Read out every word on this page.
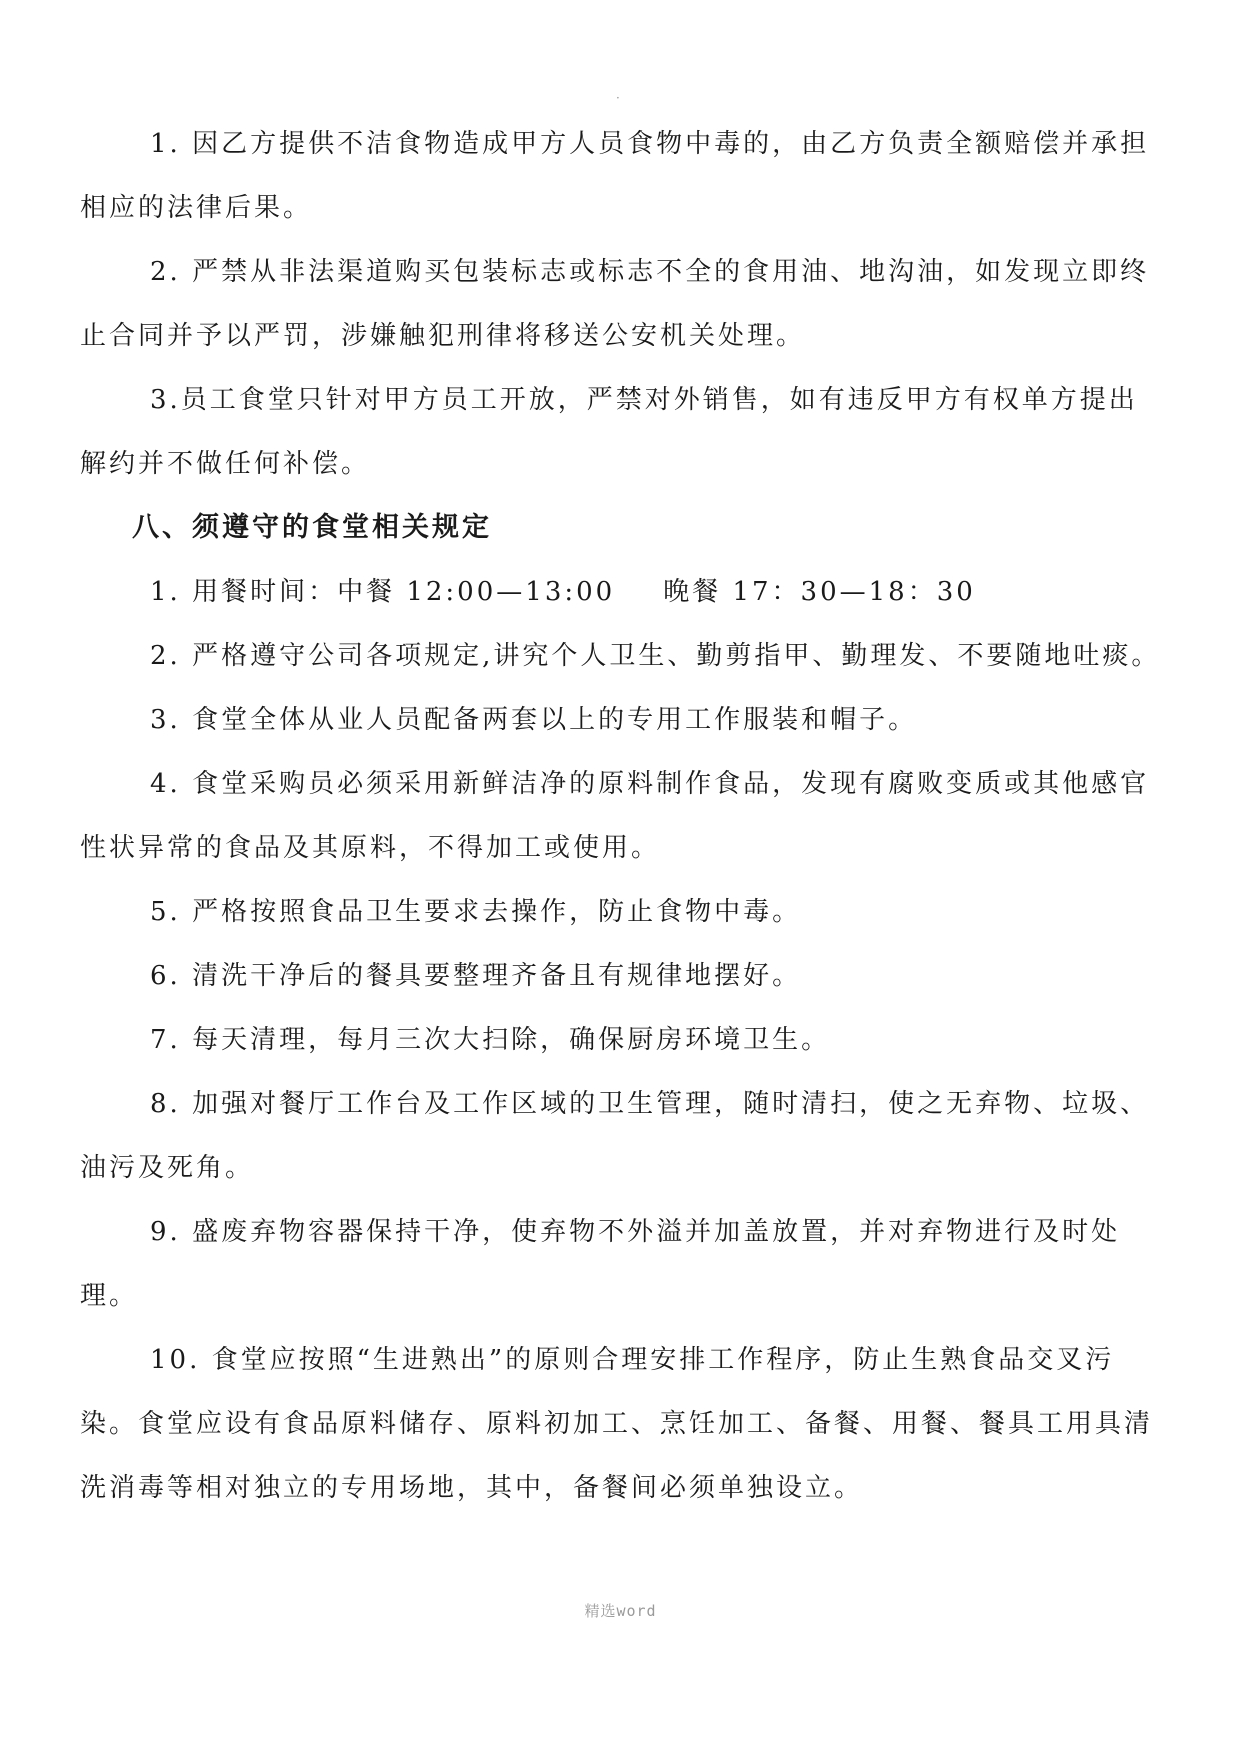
·

1. 因乙方提供不洁食物造成甲方人员食物中毒的，由乙方负责全额赔偿并承担相应的法律后果。

2. 严禁从非法渠道购买包装标志或标志不全的食用油、地沟油，如发现立即终止合同并予以严罚，涉嫌触犯刑律将移送公安机关处理。

3.员工食堂只针对甲方员工开放，严禁对外销售，如有违反甲方有权单方提出解约并不做任何补偿。

八、须遵守的食堂相关规定

1. 用餐时间：中餐 12:00—13:00 晚餐 17：30—18：30

2. 严格遵守公司各项规定,讲究个人卫生、勤剪指甲、勤理发、不要随地吐痰。

3. 食堂全体从业人员配备两套以上的专用工作服装和帽子。

4. 食堂采购员必须采用新鲜洁净的原料制作食品，发现有腐败变质或其他感官性状异常的食品及其原料，不得加工或使用。

5. 严格按照食品卫生要求去操作，防止食物中毒。

6. 清洗干净后的餐具要整理齐备且有规律地摆好。

7. 每天清理，每月三次大扫除，确保厨房环境卫生。

8. 加强对餐厅工作台及工作区域的卫生管理，随时清扫，使之无弃物、垃圾、油污及死角。

9. 盛废弃物容器保持干净，使弃物不外溢并加盖放置，并对弃物进行及时处理。

10. 食堂应按照“生进熟出”的原则合理安排工作程序，防止生熟食品交叉污染。食堂应设有食品原料储存、原料初加工、烹饪加工、备餐、用餐、餐具工用具清洗消毒等相对独立的专用场地，其中，备餐间必须单独设立。

精选word
